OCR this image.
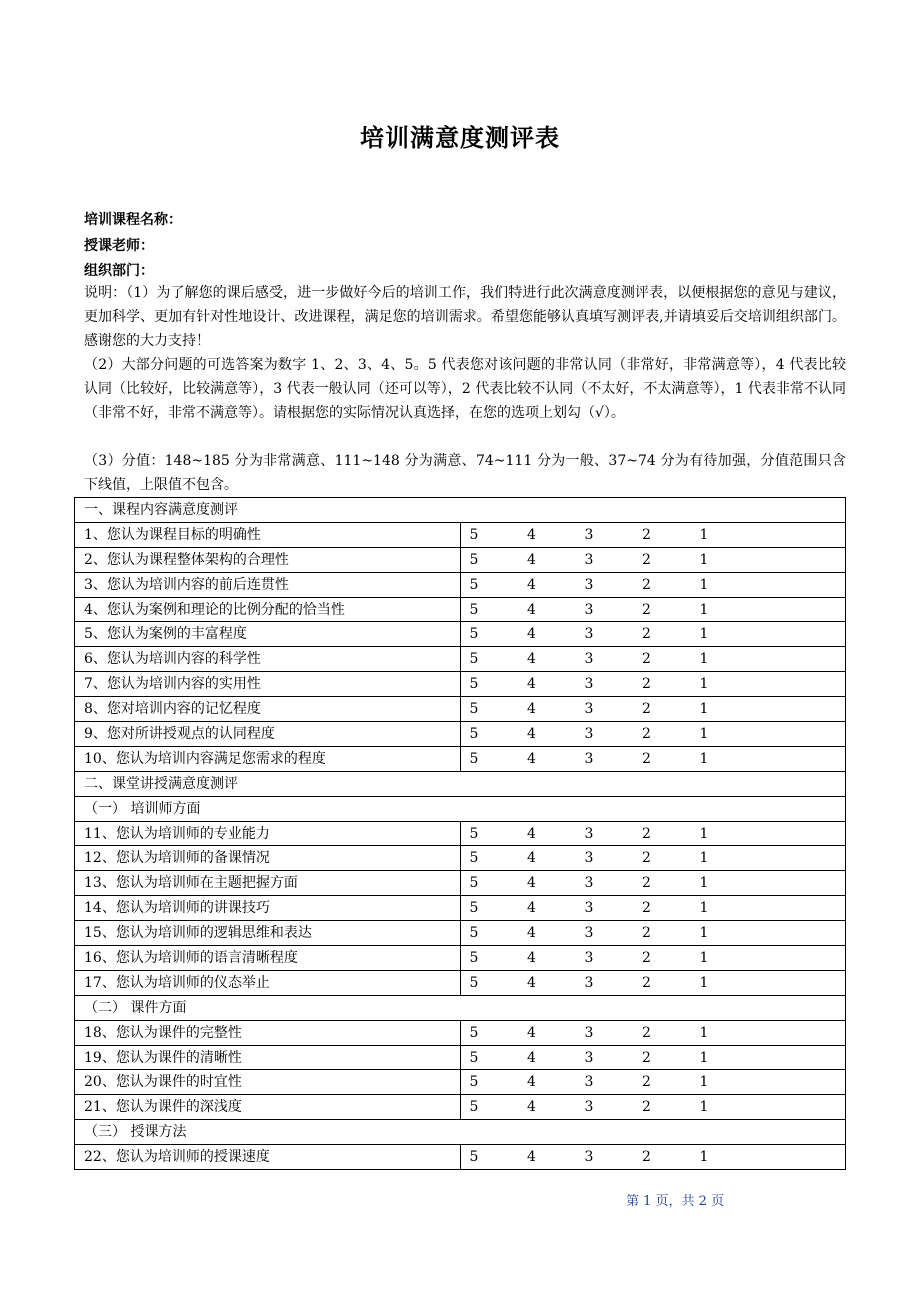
培训满意度测评表
培训课程名称：
授课老师：
组织部门：
说明：（1）为了解您的课后感受，进一步做好今后的培训工作，我们特进行此次满意度测评表，以便根据您的意见与建议，更加科学、更加有针对性地设计、改进课程，满足您的培训需求。希望您能够认真填写测评表,并请填妥后交培训组织部门。感谢您的大力支持！
（2）大部分问题的可选答案为数字 1、2、3、4、5。5 代表您对该问题的非常认同（非常好，非常满意等），4 代表比较认同（比较好，比较满意等），3 代表一般认同（还可以等），2 代表比较不认同（不太好，不太满意等），1 代表非常不认同（非常不好，非常不满意等）。请根据您的实际情况认真选择，在您的选项上划勾（√）。
（3）分值：148~185 分为非常满意、111~148 分为满意、74~111 分为一般、37~74 分为有待加强，分值范围只含下线值，上限值不包含。
一、课程内容满意度测评	
1、您认为课程目标的明确性	5 4 3 2 1

2、您认为课程整体架构的合理性	5 4 3 2 1

3、您认为培训内容的前后连贯性	5 4 3 2 1

4、您认为案例和理论的比例分配的恰当性	5 4 3 2 1

5、您认为案例的丰富程度	5 4 3 2 1

6、您认为培训内容的科学性	5 4 3 2 1

7、您认为培训内容的实用性	5 4 3 2 1

8、您对培训内容的记忆程度	5 4 3 2 1

9、您对所讲授观点的认同程度	5 4 3 2 1

10、您认为培训内容满足您需求的程度	5 4 3 2 1

二、课堂讲授满意度测评	
（一） 培训师方面	
11、您认为培训师的专业能力	5 4 3 2 1

12、您认为培训师的备课情况	5 4 3 2 1

13、您认为培训师在主题把握方面	5 4 3 2 1

14、您认为培训师的讲课技巧	5 4 3 2 1

15、您认为培训师的逻辑思维和表达	5 4 3 2 1

16、您认为培训师的语言清晰程度	5 4 3 2 1

17、您认为培训师的仪态举止	5 4 3 2 1

（二） 课件方面	
18、您认为课件的完整性	5 4 3 2 1

19、您认为课件的清晰性	5 4 3 2 1

20、您认为课件的时宜性	5 4 3 2 1

21、您认为课件的深浅度	5 4 3 2 1

（三） 授课方法	
22、您认为培训师的授课速度	5 4 3 2 1
第 1 页，共 2 页
